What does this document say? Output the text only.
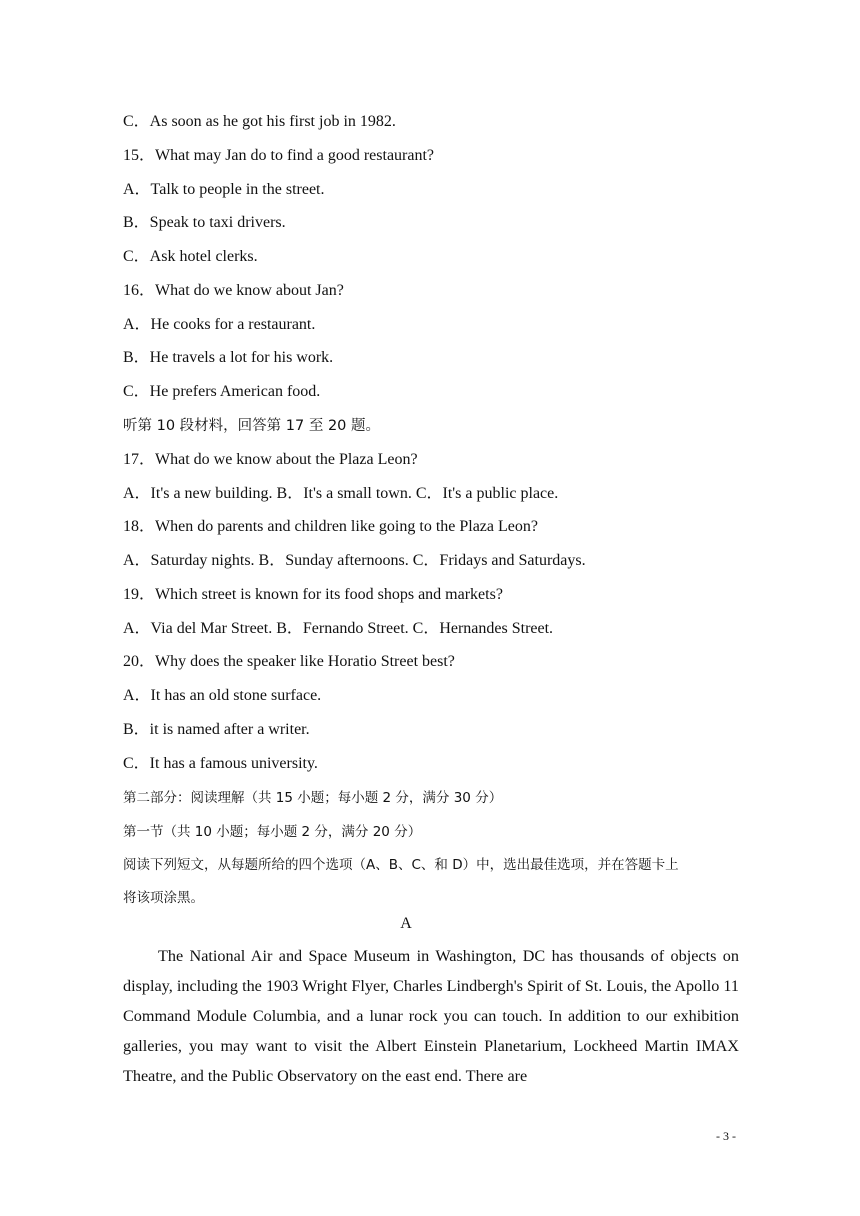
C．As soon as he got his first job in 1982.
15．What may Jan do to find a good restaurant?
A．Talk to people in the street.
B．Speak to taxi drivers.
C．Ask hotel clerks.
16．What do we know about Jan?
A．He cooks for a restaurant.
B．He travels a lot for his work.
C．He prefers American food.
听第 10 段材料，回答第 17 至 20 题。
17．What do we know about the Plaza Leon?
A．It's a new building. B．It's a small town. C．It's a public place.
18．When do parents and children like going to the Plaza Leon?
A．Saturday nights. B．Sunday afternoons. C．Fridays and Saturdays.
19．Which street is known for its food shops and markets?
A．Via del Mar Street. B．Fernando Street. C．Hernandes Street.
20．Why does the speaker like Horatio Street best?
A．It has an old stone surface.
B．it is named after a writer.
C．It has a famous university.
第二部分：阅读理解（共 15 小题；每小题 2 分，满分 30 分）
第一节（共 10 小题；每小题 2 分，满分 20 分）
阅读下列短文，从每题所给的四个选项（A、B、C、和 D）中，选出最佳选项，并在答题卡上
将该项涂黑。
A
The National Air and Space Museum in Washington, DC has thousands of objects on display, including the 1903 Wright Flyer, Charles Lindbergh's Spirit of St. Louis, the Apollo 11 Command Module Columbia, and a lunar rock you can touch. In addition to our exhibition galleries, you may want to visit the Albert Einstein Planetarium, Lockheed Martin IMAX Theatre, and the Public Observatory on the east end. There are
- 3 -
